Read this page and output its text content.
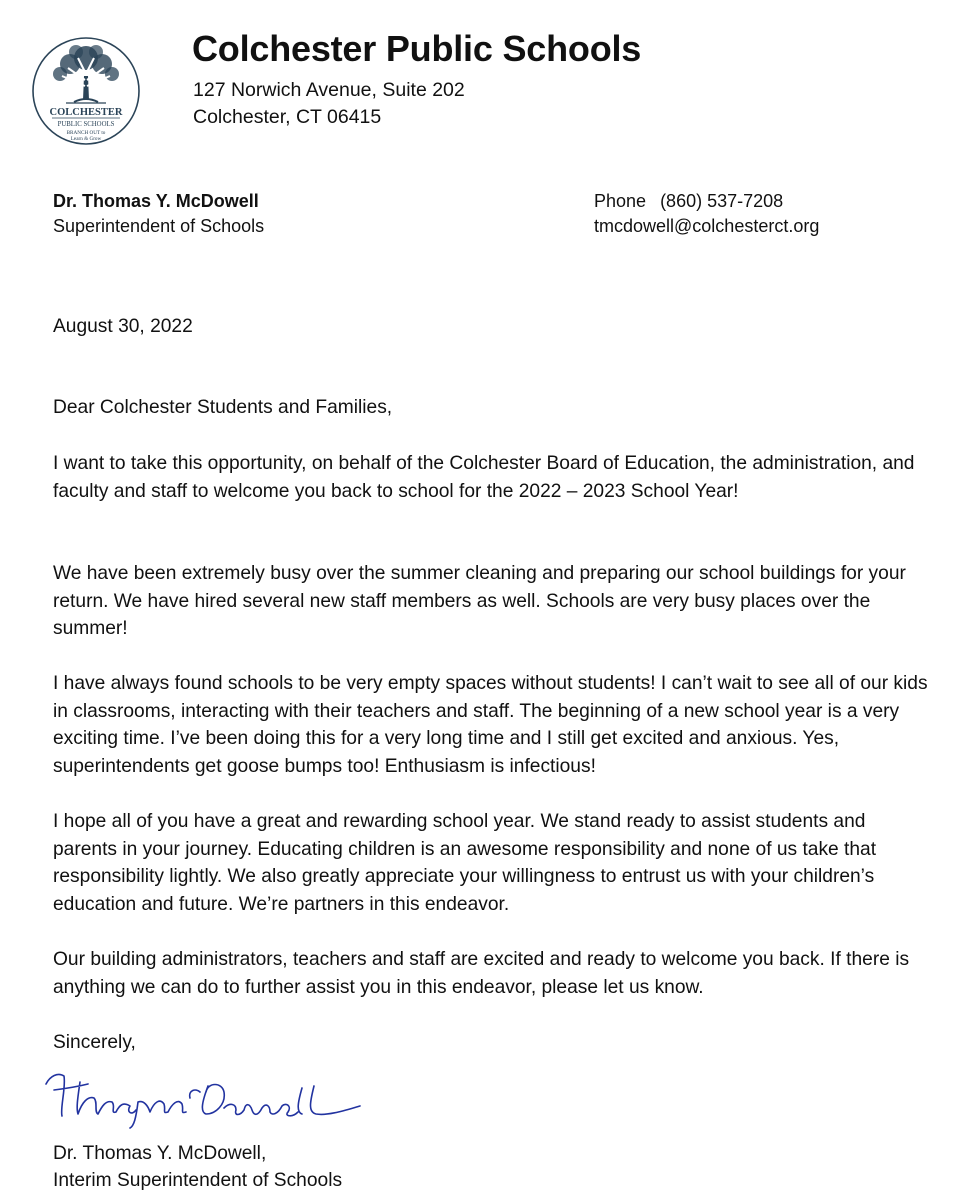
COLCHESTER
PUBLIC SCHOOLS
BRANCH OUT to
Learn & Grow
Colchester Public Schools
127 Norwich Avenue, Suite 202
Colchester, CT 06415
Dr. Thomas Y. McDowell
Superintendent of Schools
Phone (860) 537-7208
tmcdowell@colchesterct.org

August 30, 2022

Dear Colchester Students and Families,

I want to take this opportunity, on behalf of the Colchester Board of Education, the administration, and faculty and staff to welcome you back to school for the 2022 – 2023 School Year!

We have been extremely busy over the summer cleaning and preparing our school buildings for your return. We have hired several new staff members as well. Schools are very busy places over the summer!

I have always found schools to be very empty spaces without students! I can’t wait to see all of our kids in classrooms, interacting with their teachers and staff. The beginning of a new school year is a very exciting time. I’ve been doing this for a very long time and I still get excited and anxious. Yes, superintendents get goose bumps too! Enthusiasm is infectious!

I hope all of you have a great and rewarding school year. We stand ready to assist students and parents in your journey. Educating children is an awesome responsibility and none of us take that responsibility lightly. We also greatly appreciate your willingness to entrust us with your children’s education and future. We’re partners in this endeavor.

Our building administrators, teachers and staff are excited and ready to welcome you back. If there is anything we can do to further assist you in this endeavor, please let us know.

Sincerely,

Dr. Thomas Y. McDowell,

Interim Superintendent of Schools
